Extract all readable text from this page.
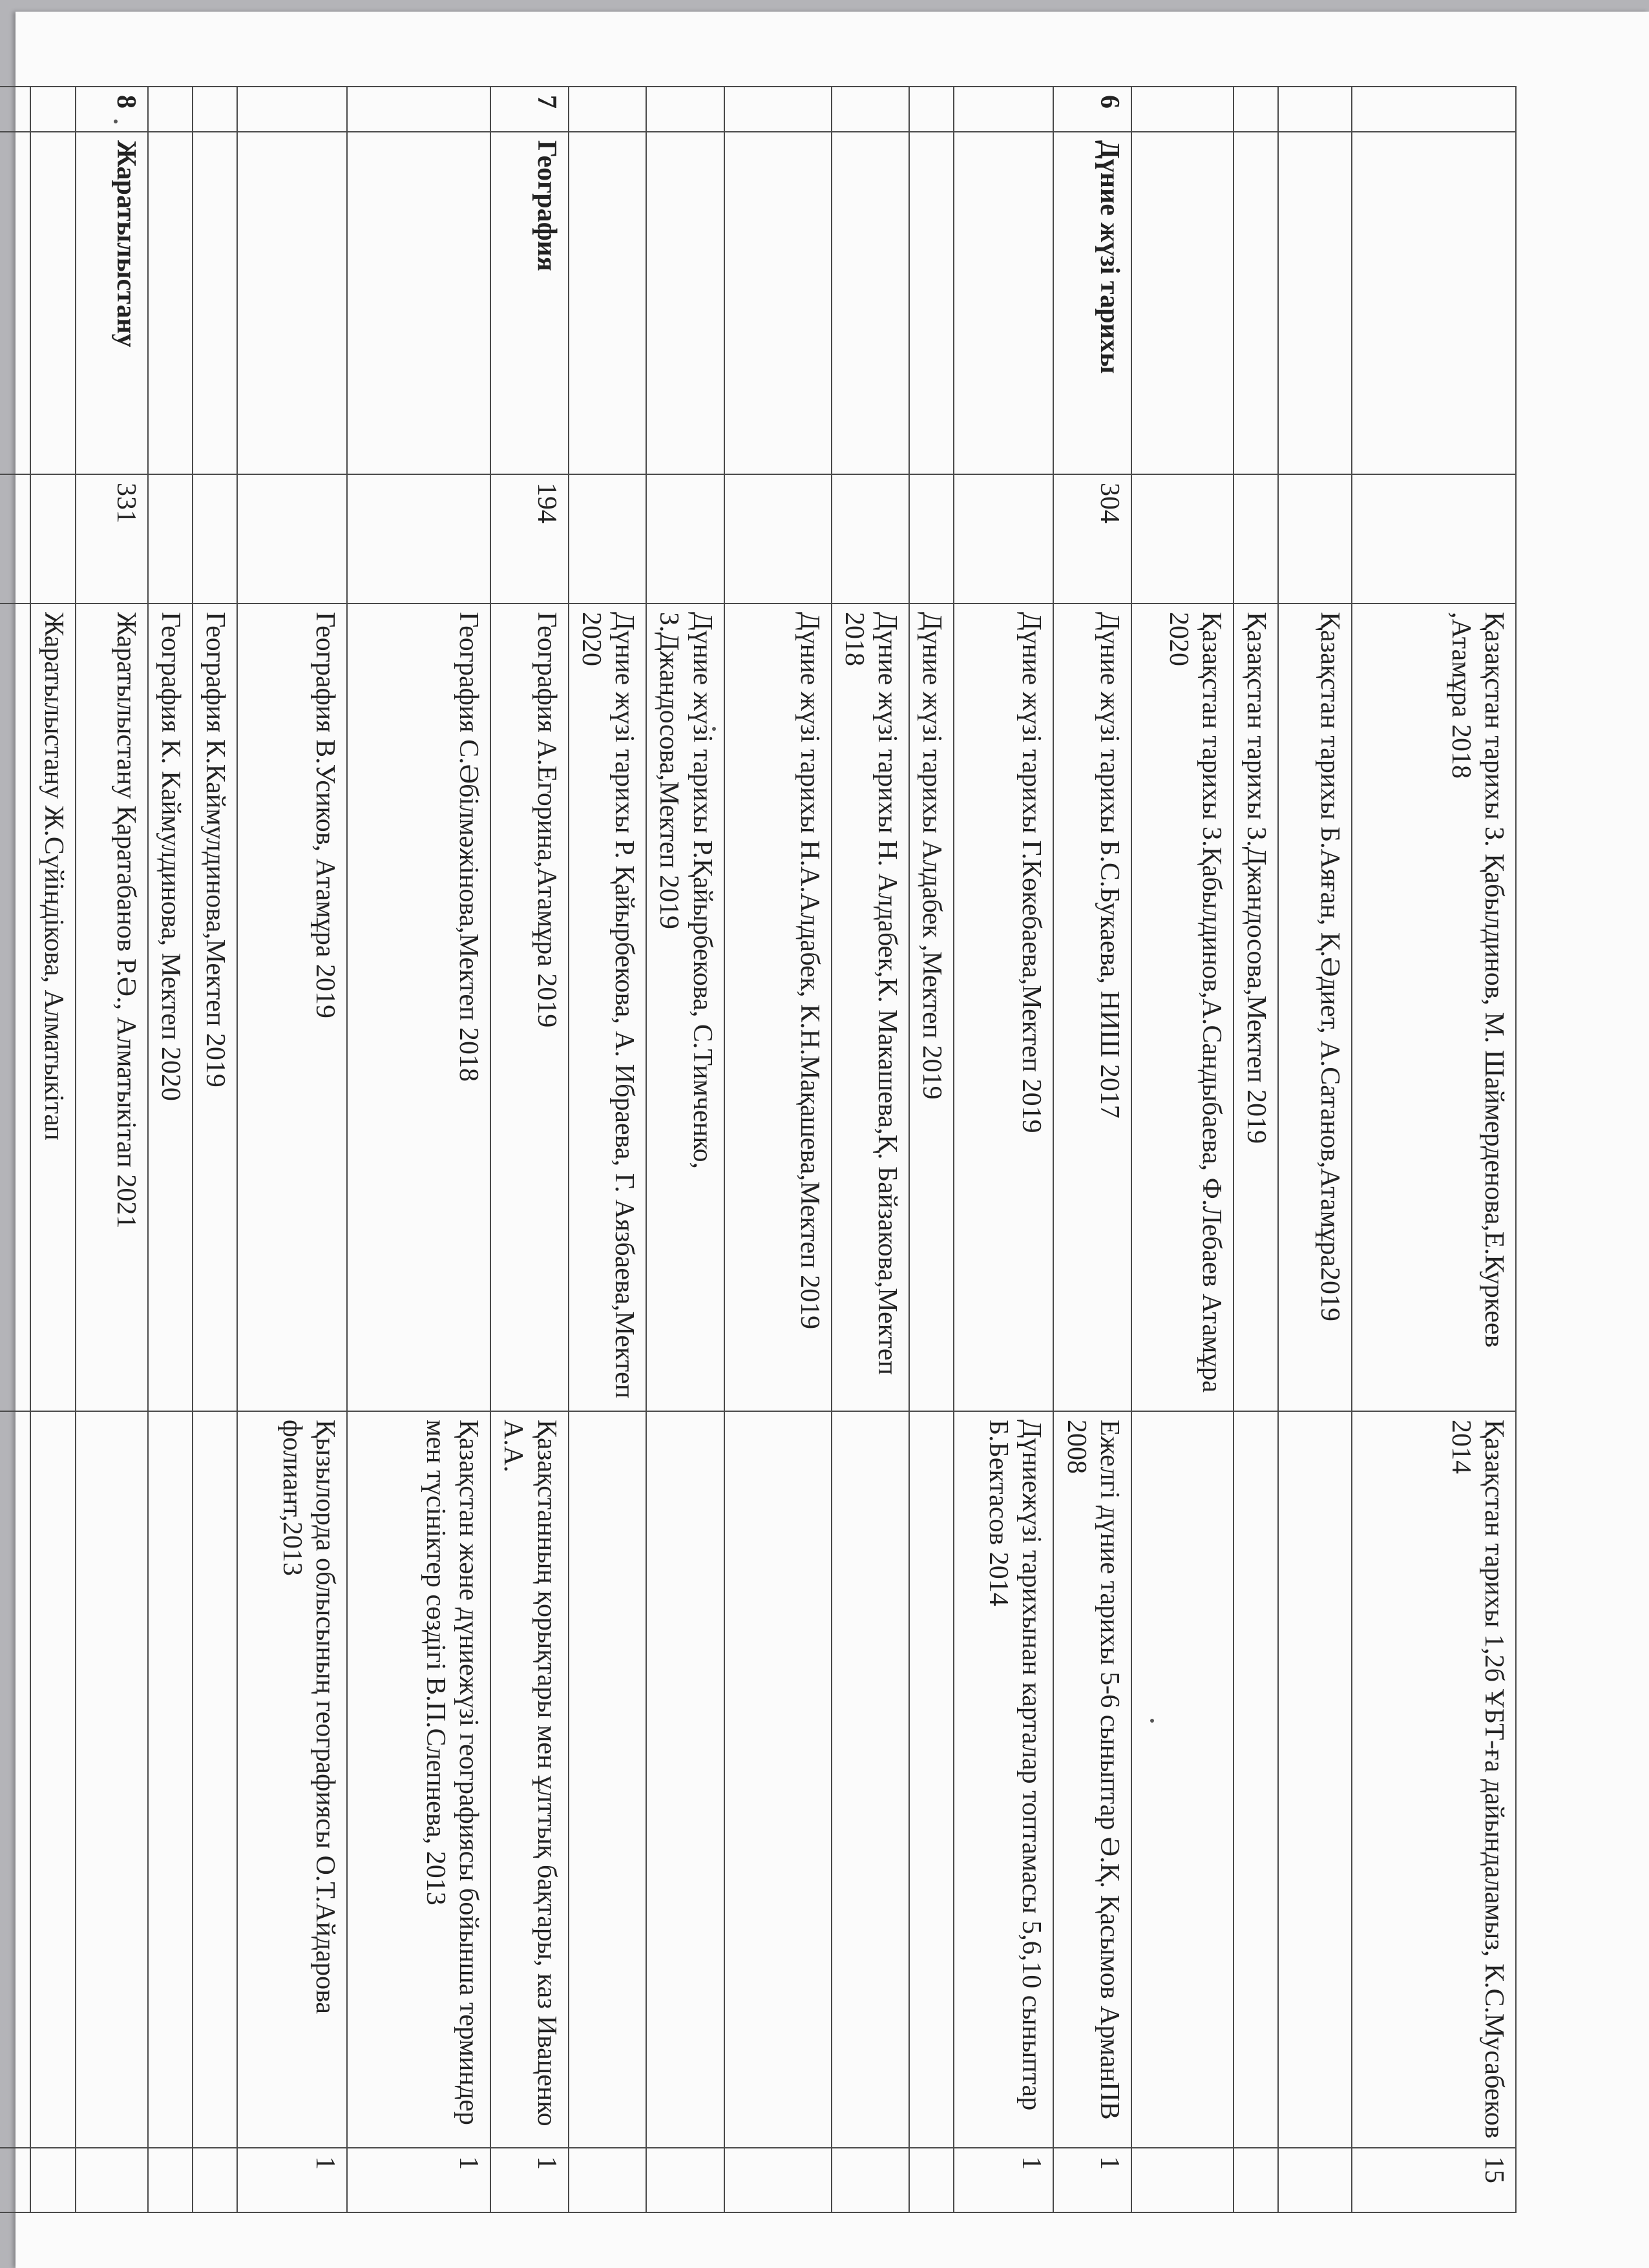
			Қазақстан тарихы З. Қабылдинов, М. Шаймерденова,Е.Куркеев ,Атамұра 2018	Қазақстан тарихы 1,2б ҰБТ-ға дайындаламыз, К.С.Мусабеков 2014	15
			Қазақстан тарихы Б.Аяған, Қ.Әдиет, А.Сатанов,Атамұра2019		
			Қазақстан тарихы З.Джандосова,Мектеп 2019		
			Қазақстан тарихы З.Қабылдинов,А.Сандыбаева, Ф.Лебаев Атамұра 2020		
6	Дүние жүзі тарихы	304	Дүние жүзі тарихы Б.С.Букаева, НИШ 2017	Ежелгі дүние тарихы 5-6 сыныптар Ә.Қ. Қасымов АрманПВ 2008	1
			Дүние жүзі тарихы Г.Көкебаева,Мектеп 2019	Дүниежүзі тарихынан карталар топтамасы 5,6,10 сыныптар Б.Бектасов 2014	1
			Дүние жүзі тарихы Алдабек ,Мектеп 2019		
			Дүние жүзі тарихы Н. Алдабек,К. Макашева,Қ. Байзакова,Мектеп 2018		
			Дүние жүзі тарихы Н.А.Алдабек, К.Н.Мақашева,Мектеп 2019		
			Дүние жүзі тарихы Р.Қайырбекова, С.Тимченко, З.Джандосова,Мектеп 2019		
			Дүние жүзі тарихы Р. Қайырбекова, А. Ибраева, Г. Аязбаева,Мектеп 2020		
7	География	194	География А.Егорина,Атамұра 2019	Қазақстанның қорықтары мен ұлттық бақтары, каз Иваценко А.А.	1
			География С.Әбілмәжінова,Мектеп 2018	Қазақстан және дүниежүзі географиясы бойынша терминдер мен түсініктер сөздігі В.П.Слепнева, 2013	1
			География В.Усиков, Атамұра 2019	Қызылорда облысының географиясы О.Т.Айдарова фолиант,2013	1
			География К.Каймулдинова,Мектеп 2019		
			География К. Каймулдинова, Мектеп 2020		
8	Жаратылыстану	331	Жаратылыстану Қаратабанов Р.Ә., Алматыкітап 2021		
			Жаратылыстану Ж.Сүйіндікова, Алматыкітап		
